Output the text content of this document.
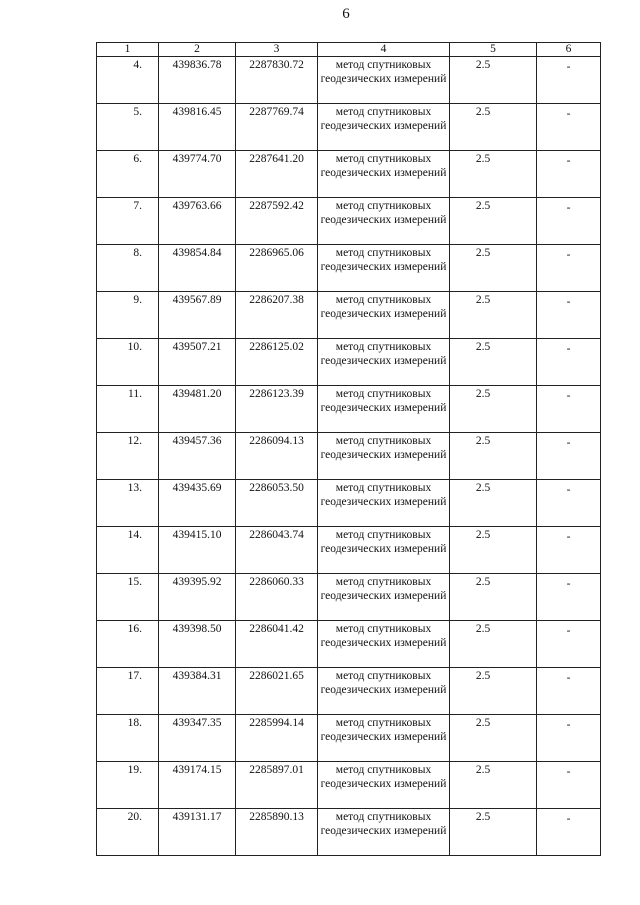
6
1	2	3	4	5	6
4.	439836.78	2287830.72	метод спутниковых геодезических измерений	2.5	-
5.	439816.45	2287769.74	метод спутниковых геодезических измерений	2.5	-
6.	439774.70	2287641.20	метод спутниковых геодезических измерений	2.5	-
7.	439763.66	2287592.42	метод спутниковых геодезических измерений	2.5	-
8.	439854.84	2286965.06	метод спутниковых геодезических измерений	2.5	-
9.	439567.89	2286207.38	метод спутниковых геодезических измерений	2.5	-
10.	439507.21	2286125.02	метод спутниковых геодезических измерений	2.5	-
11.	439481.20	2286123.39	метод спутниковых геодезических измерений	2.5	-
12.	439457.36	2286094.13	метод спутниковых геодезических измерений	2.5	-
13.	439435.69	2286053.50	метод спутниковых геодезических измерений	2.5	-
14.	439415.10	2286043.74	метод спутниковых геодезических измерений	2.5	-
15.	439395.92	2286060.33	метод спутниковых геодезических измерений	2.5	-
16.	439398.50	2286041.42	метод спутниковых геодезических измерений	2.5	-
17.	439384.31	2286021.65	метод спутниковых геодезических измерений	2.5	-
18.	439347.35	2285994.14	метод спутниковых геодезических измерений	2.5	-
19.	439174.15	2285897.01	метод спутниковых геодезических измерений	2.5	-
20.	439131.17	2285890.13	метод спутниковых геодезических измерений	2.5	-
